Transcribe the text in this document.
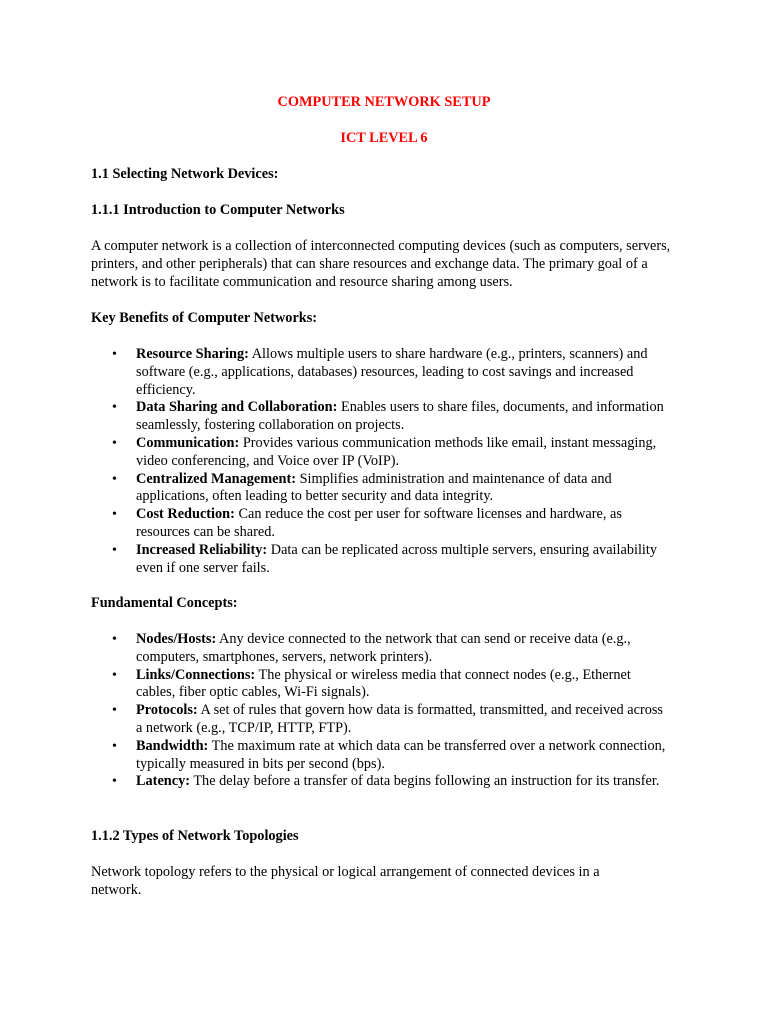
COMPUTER NETWORK SETUP

ICT LEVEL 6

1.1 Selecting Network Devices:

1.1.1 Introduction to Computer Networks

A computer network is a collection of interconnected computing devices (such as computers, servers, printers, and other peripherals) that can share resources and exchange data. The primary goal of a network is to facilitate communication and resource sharing among users.

Key Benefits of Computer Networks:

• Resource Sharing: Allows multiple users to share hardware (e.g., printers, scanners) and software (e.g., applications, databases) resources, leading to cost savings and increased efficiency.
• Data Sharing and Collaboration: Enables users to share files, documents, and information seamlessly, fostering collaboration on projects.
• Communication: Provides various communication methods like email, instant messaging, video conferencing, and Voice over IP (VoIP).
• Centralized Management: Simplifies administration and maintenance of data and applications, often leading to better security and data integrity.
• Cost Reduction: Can reduce the cost per user for software licenses and hardware, as resources can be shared.
• Increased Reliability: Data can be replicated across multiple servers, ensuring availability even if one server fails.

Fundamental Concepts:

• Nodes/Hosts: Any device connected to the network that can send or receive data (e.g., computers, smartphones, servers, network printers).
• Links/Connections: The physical or wireless media that connect nodes (e.g., Ethernet cables, fiber optic cables, Wi-Fi signals).
• Protocols: A set of rules that govern how data is formatted, transmitted, and received across a network (e.g., TCP/IP, HTTP, FTP).
• Bandwidth: The maximum rate at which data can be transferred over a network connection, typically measured in bits per second (bps).
• Latency: The delay before a transfer of data begins following an instruction for its transfer.

1.1.2 Types of Network Topologies

Network topology refers to the physical or logical arrangement of connected devices in a network.
